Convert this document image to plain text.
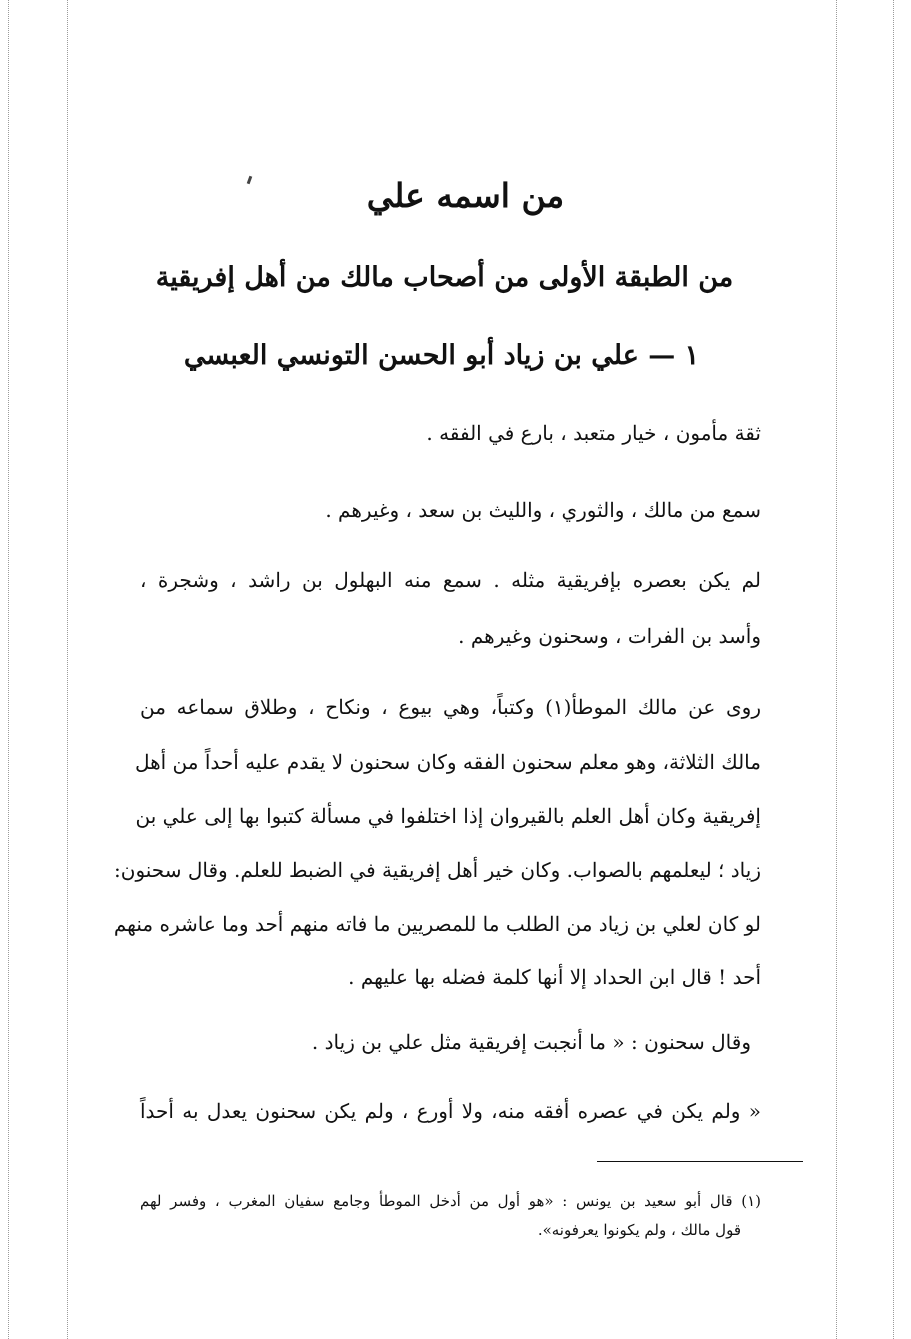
من اسمه علي
من الطبقة الأولى من أصحاب مالك من أهل إفريقية
١ — علي بن زياد أبو الحسن التونسي العبسي
ثقة مأمون ، خيار متعبد ، بارع في الفقه .
سمع من مالك ، والثوري ، والليث بن سعد ، وغيرهم .
لم يكن بعصره بإفريقية مثله . سمع منه البهلول بن راشد ، وشجرة ،
وأسد بن الفرات ، وسحنون وغيرهم .
روى عن مالك الموطأ(١) وكتباً، وهي بيوع ، ونكاح ، وطلاق سماعه من
مالك الثلاثة، وهو معلم سحنون الفقه وكان سحنون لا يقدم عليه أحداً من أهل
إفريقية وكان أهل العلم بالقيروان إذا اختلفوا في مسألة كتبوا بها إلى علي بن
زياد ؛ ليعلمهم بالصواب. وكان خير أهل إفريقية في الضبط للعلم. وقال سحنون:
لو كان لعلي بن زياد من الطلب ما للمصريين ما فاته منهم أحد وما عاشره منهم
أحد ! قال ابن الحداد إلا أنها كلمة فضله بها عليهم .
وقال سحنون : « ما أنجبت إفريقية مثل علي بن زياد .
« ولم يكن في عصره أفقه منه، ولا أورع ، ولم يكن سحنون يعدل به أحداً
(١) قال أبو سعيد بن يونس : «هو أول من أدخل الموطأ وجامع سفيان المغرب ، وفسر لهم
قول مالك ، ولم يكونوا يعرفونه».
